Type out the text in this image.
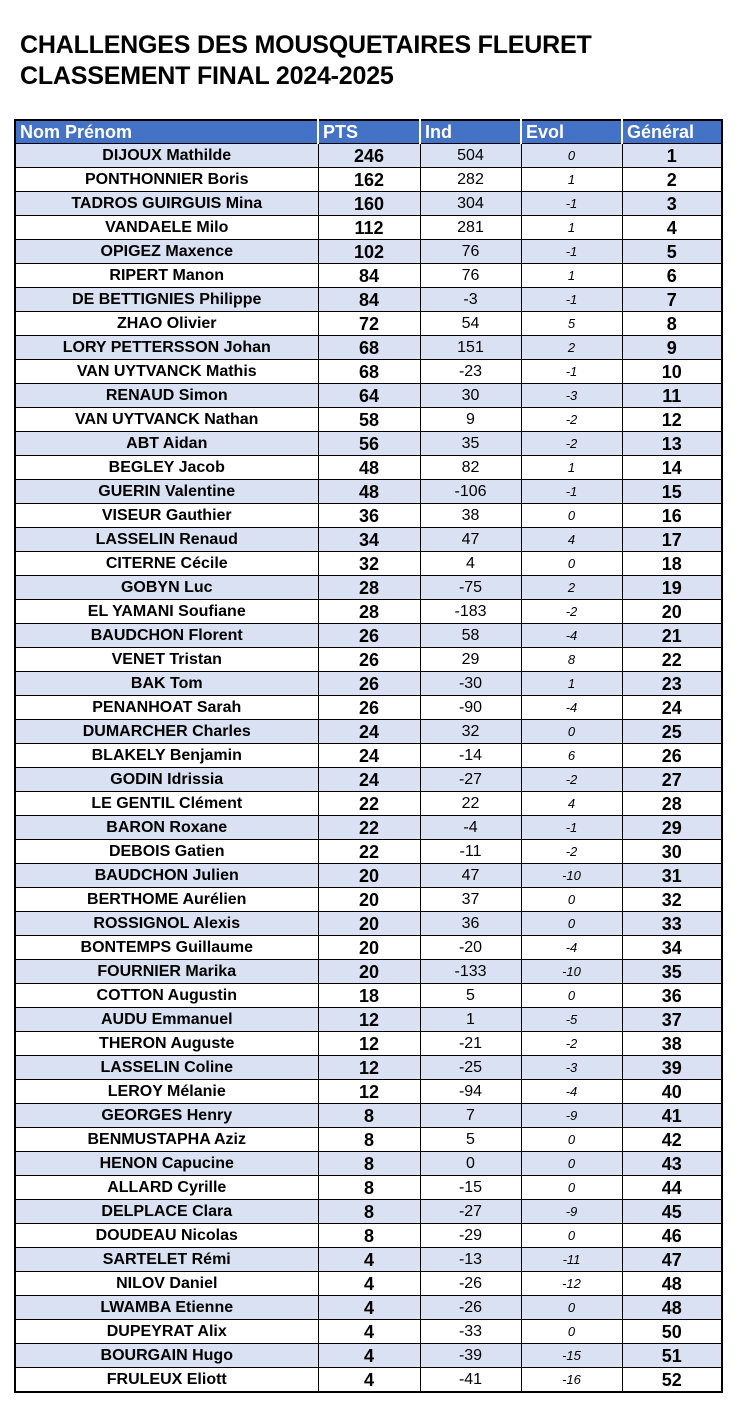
CHALLENGES DES MOUSQUETAIRES FLEURET
CLASSEMENT FINAL 2024-2025
Nom Prénom	PTS	Ind	Evol	Général
DIJOUX Mathilde	246	504	0	1
PONTHONNIER Boris	162	282	1	2
TADROS GUIRGUIS Mina	160	304	-1	3
VANDAELE Milo	112	281	1	4
OPIGEZ Maxence	102	76	-1	5
RIPERT Manon	84	76	1	6
DE BETTIGNIES Philippe	84	-3	-1	7
ZHAO Olivier	72	54	5	8
LORY PETTERSSON Johan	68	151	2	9
VAN UYTVANCK Mathis	68	-23	-1	10
RENAUD Simon	64	30	-3	11
VAN UYTVANCK Nathan	58	9	-2	12
ABT Aidan	56	35	-2	13
BEGLEY Jacob	48	82	1	14
GUERIN Valentine	48	-106	-1	15
VISEUR Gauthier	36	38	0	16
LASSELIN Renaud	34	47	4	17
CITERNE Cécile	32	4	0	18
GOBYN Luc	28	-75	2	19
EL YAMANI Soufiane	28	-183	-2	20
BAUDCHON Florent	26	58	-4	21
VENET Tristan	26	29	8	22
BAK Tom	26	-30	1	23
PENANHOAT Sarah	26	-90	-4	24
DUMARCHER Charles	24	32	0	25
BLAKELY Benjamin	24	-14	6	26
GODIN Idrissia	24	-27	-2	27
LE GENTIL Clément	22	22	4	28
BARON Roxane	22	-4	-1	29
DEBOIS Gatien	22	-11	-2	30
BAUDCHON Julien	20	47	-10	31
BERTHOME Aurélien	20	37	0	32
ROSSIGNOL Alexis	20	36	0	33
BONTEMPS Guillaume	20	-20	-4	34
FOURNIER Marika	20	-133	-10	35
COTTON Augustin	18	5	0	36
AUDU Emmanuel	12	1	-5	37
THERON Auguste	12	-21	-2	38
LASSELIN Coline	12	-25	-3	39
LEROY Mélanie	12	-94	-4	40
GEORGES Henry	8	7	-9	41
BENMUSTAPHA Aziz	8	5	0	42
HENON Capucine	8	0	0	43
ALLARD Cyrille	8	-15	0	44
DELPLACE Clara	8	-27	-9	45
DOUDEAU Nicolas	8	-29	0	46
SARTELET Rémi	4	-13	-11	47
NILOV Daniel	4	-26	-12	48
LWAMBA Etienne	4	-26	0	48
DUPEYRAT Alix	4	-33	0	50
BOURGAIN Hugo	4	-39	-15	51
FRULEUX Eliott	4	-41	-16	52
